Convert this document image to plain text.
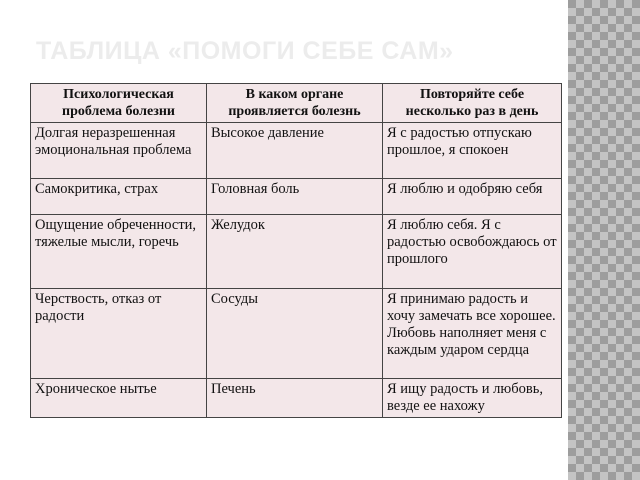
ТАБЛИЦА «ПОМОГИ СЕБЕ САМ»
Психологическая проблема болезни	В каком органе проявляется болезнь	Повторяйте себе несколько раз в день
Долгая неразрешенная эмоциональная проблема	Высокое давление	Я с радостью отпускаю прошлое, я спокоен
Самокритика, страх	Головная боль	Я люблю и одобряю себя
Ощущение обреченности, тяжелые мысли, горечь	Желудок	Я люблю себя. Я с радостью освобождаюсь от прошлого
Черствость, отказ от радости	Сосуды	Я принимаю радость и хочу замечать все хорошее. Любовь наполняет меня с каждым ударом сердца
Хроническое нытье	Печень	Я ищу радость и любовь, везде ее нахожу
